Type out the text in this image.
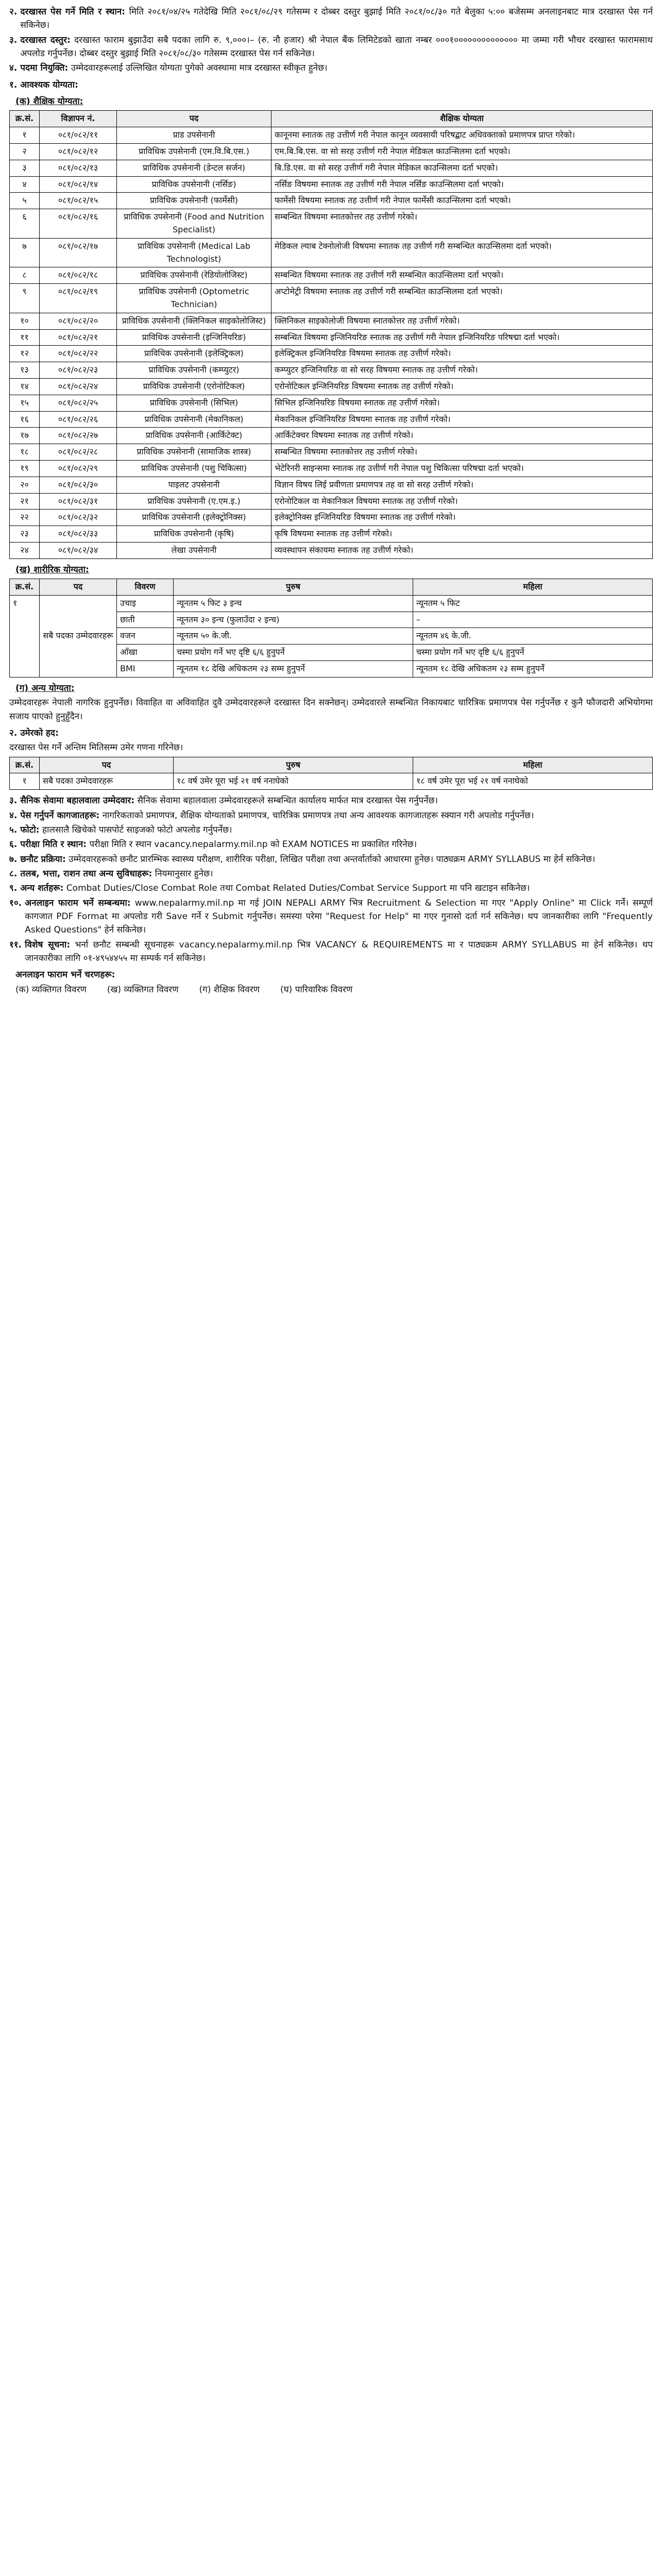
२. दरखास्त पेस गर्ने मिति र स्थान: मिति २०८१/०४/२५ गतेदेखि मिति २०८१/०८/२९ गतेसम्म र दोब्बर दस्तुर बुझाई मिति २०८१/०८/३० गते बेलुका ५:०० बजेसम्म अनलाइनबाट मात्र दरखास्त पेस गर्न सकिनेछ।
३. दरखास्त दस्तुर: दरखास्त फाराम बुझाउँदा सबै पदका लागि रु. ९,०००।– (रु. नौ हजार) श्री नेपाल बैंक लिमिटेडको खाता नम्बर ०००१०००००००००००००० मा जम्मा गरी भौचर दरखास्त फारामसाथ अपलोड गर्नुपर्नेछ। दोब्बर दस्तुर बुझाई मिति २०८१/०८/३० गतेसम्म दरखास्त पेस गर्न सकिनेछ।
४. पदमा नियुक्ति: उम्मेदवारहरूलाई उल्लिखित योग्यता पुगेको अवस्थामा मात्र दरखास्त स्वीकृत हुनेछ।
१. आवश्यक योग्यता:
(क) शैक्षिक योग्यता:
क्र.सं.	विज्ञापन नं.	पद	शैक्षिक योग्यता
१	०८१/०८२/११	प्राड उपसेनानी	कानूनमा स्नातक तह उत्तीर्ण गरी नेपाल कानून व्यवसायी परिषद्बाट अधिवक्ताको प्रमाणपत्र प्राप्त गरेको।
२	०८१/०८२/१२	प्राविधिक उपसेनानी (एम.वि.बि.एस.)	एम.बि.बि.एस. वा सो सरह उत्तीर्ण गरी नेपाल मेडिकल काउन्सिलमा दर्ता भएको।
३	०८१/०८२/१३	प्राविधिक उपसेनानी (डेन्टल सर्जन)	बि.डि.एस. वा सो सरह उत्तीर्ण गरी नेपाल मेडिकल काउन्सिलमा दर्ता भएको।
४	०८१/०८२/१४	प्राविधिक उपसेनानी (नर्सिङ)	नर्सिङ विषयमा स्नातक तह उत्तीर्ण गरी नेपाल नर्सिङ काउन्सिलमा दर्ता भएको।
५	०८१/०८२/१५	प्राविधिक उपसेनानी (फार्मेसी)	फार्मेसी विषयमा स्नातक तह उत्तीर्ण गरी नेपाल फार्मेसी काउन्सिलमा दर्ता भएको।
६	०८१/०८२/१६	प्राविधिक उपसेनानी (Food and Nutrition Specialist)	सम्बन्धित विषयमा स्नातकोत्तर तह उत्तीर्ण गरेको।
७	०८१/०८२/१७	प्राविधिक उपसेनानी (Medical Lab Technologist)	मेडिकल ल्याब टेक्नोलोजी विषयमा स्नातक तह उत्तीर्ण गरी सम्बन्धित काउन्सिलमा दर्ता भएको।
८	०८१/०८२/१८	प्राविधिक उपसेनानी (रेडियोलोजिस्ट)	सम्बन्धित विषयमा स्नातक तह उत्तीर्ण गरी सम्बन्धित काउन्सिलमा दर्ता भएको।
९	०८१/०८२/१९	प्राविधिक उपसेनानी (Optometric Technician)	अप्टोमेट्री विषयमा स्नातक तह उत्तीर्ण गरी सम्बन्धित काउन्सिलमा दर्ता भएको।
१०	०८१/०८२/२०	प्राविधिक उपसेनानी (क्लिनिकल साइकोलोजिस्ट)	क्लिनिकल साइकोलोजी विषयमा स्नातकोत्तर तह उत्तीर्ण गरेको।
११	०८१/०८२/२१	प्राविधिक उपसेनानी (इन्जिनियरिङ)	सम्बन्धित विषयमा इन्जिनियरिङ स्नातक तह उत्तीर्ण गरी नेपाल इन्जिनियरिङ परिषद्मा दर्ता भएको।
१२	०८१/०८२/२२	प्राविधिक उपसेनानी (इलेक्ट्रिकल)	इलेक्ट्रिकल इन्जिनियरिङ विषयमा स्नातक तह उत्तीर्ण गरेको।
१३	०८१/०८२/२३	प्राविधिक उपसेनानी (कम्प्युटर)	कम्प्युटर इन्जिनियरिङ वा सो सरह विषयमा स्नातक तह उत्तीर्ण गरेको।
१४	०८१/०८२/२४	प्राविधिक उपसेनानी (एरोनोटिकल)	एरोनोटिकल इन्जिनियरिङ विषयमा स्नातक तह उत्तीर्ण गरेको।
१५	०८१/०८२/२५	प्राविधिक उपसेनानी (सिभिल)	सिभिल इन्जिनियरिङ विषयमा स्नातक तह उत्तीर्ण गरेको।
१६	०८१/०८२/२६	प्राविधिक उपसेनानी (मेकानिकल)	मेकानिकल इन्जिनियरिङ विषयमा स्नातक तह उत्तीर्ण गरेको।
१७	०८१/०८२/२७	प्राविधिक उपसेनानी (आर्किटेक्ट)	आर्किटेक्चर विषयमा स्नातक तह उत्तीर्ण गरेको।
१८	०८१/०८२/२८	प्राविधिक उपसेनानी (सामाजिक शास्त्र)	सम्बन्धित विषयमा स्नातकोत्तर तह उत्तीर्ण गरेको।
१९	०८१/०८२/२९	प्राविधिक उपसेनानी (पशु चिकित्सा)	भेटेरिनरी साइन्समा स्नातक तह उत्तीर्ण गरी नेपाल पशु चिकित्सा परिषद्मा दर्ता भएको।
२०	०८१/०८२/३०	पाइलट उपसेनानी	विज्ञान विषय लिई प्रवीणता प्रमाणपत्र तह वा सो सरह उत्तीर्ण गरेको।
२१	०८१/०८२/३१	प्राविधिक उपसेनानी (ए.एम.इ.)	एरोनोटिकल वा मेकानिकल विषयमा स्नातक तह उत्तीर्ण गरेको।
२२	०८१/०८२/३२	प्राविधिक उपसेनानी (इलेक्ट्रोनिक्स)	इलेक्ट्रोनिक्स इन्जिनियरिङ विषयमा स्नातक तह उत्तीर्ण गरेको।
२३	०८१/०८२/३३	प्राविधिक उपसेनानी (कृषि)	कृषि विषयमा स्नातक तह उत्तीर्ण गरेको।
२४	०८१/०८२/३४	लेखा उपसेनानी	व्यवस्थापन संकायमा स्नातक तह उत्तीर्ण गरेको।
(ख) शारीरिक योग्यता:
क्र.सं.	पद	विवरण	पुरुष	महिला
१	सबै पदका उम्मेदवारहरू	उचाइ	न्यूनतम ५ फिट ३ इन्च	न्यूनतम ५ फिट
		छाती	न्यूनतम ३० इन्च (फुलाउँदा २ इन्च)	–
		वजन	न्यूनतम ५० के.जी.	न्यूनतम ४६ के.जी.
		आँखा	चस्मा प्रयोग गर्ने भए दृष्टि ६/६ हुनुपर्ने	चस्मा प्रयोग गर्ने भए दृष्टि ६/६ हुनुपर्ने
		BMI	न्यूनतम १८ देखि अधिकतम २३ सम्म हुनुपर्ने	न्यूनतम १८ देखि अधिकतम २३ सम्म हुनुपर्ने
(ग) अन्य योग्यता:

उम्मेदवारहरू नेपाली नागरिक हुनुपर्नेछ। विवाहित वा अविवाहित दुवै उम्मेदवारहरूले दरखास्त दिन सक्नेछन्। उम्मेदवारले सम्बन्धित निकायबाट चारित्रिक प्रमाणपत्र पेस गर्नुपर्नेछ र कुनै फौजदारी अभियोगमा सजाय पाएको हुनुहुँदैन।

२. उमेरको हद:

दरखास्त पेस गर्ने अन्तिम मितिसम्म उमेर गणना गरिनेछ।

क्र.सं.	पद	पुरुष	महिला
१	सबै पदका उम्मेदवारहरू	१८ वर्ष उमेर पूरा भई २१ वर्ष ननाघेको	१८ वर्ष उमेर पूरा भई २१ वर्ष ननाघेको
३. सैनिक सेवामा बहालवाला उम्मेदवार: सैनिक सेवामा बहालवाला उम्मेदवारहरूले सम्बन्धित कार्यालय मार्फत मात्र दरखास्त पेस गर्नुपर्नेछ।
४. पेस गर्नुपर्ने कागजातहरू: नागरिकताको प्रमाणपत्र, शैक्षिक योग्यताको प्रमाणपत्र, चारित्रिक प्रमाणपत्र तथा अन्य आवश्यक कागजातहरू स्क्यान गरी अपलोड गर्नुपर्नेछ।
५. फोटो: हालसालै खिचेको पासपोर्ट साइजको फोटो अपलोड गर्नुपर्नेछ।
६. परीक्षा मिति र स्थान: परीक्षा मिति र स्थान vacancy.nepalarmy.mil.np को EXAM NOTICES मा प्रकाशित गरिनेछ।
७. छनौट प्रक्रिया: उम्मेदवारहरूको छनौट प्रारम्भिक स्वास्थ्य परीक्षण, शारीरिक परीक्षा, लिखित परीक्षा तथा अन्तर्वार्ताको आधारमा हुनेछ। पाठ्यक्रम ARMY SYLLABUS मा हेर्न सकिनेछ।
८. तलब, भत्ता, राशन तथा अन्य सुविधाहरू: नियमानुसार हुनेछ।
९. अन्य शर्तहरू: Combat Duties/Close Combat Role तथा Combat Related Duties/Combat Service Support मा पनि खटाइन सकिनेछ।
१०. अनलाइन फाराम भर्ने सम्बन्धमा: www.nepalarmy.mil.np मा गई JOIN NEPALI ARMY भित्र Recruitment & Selection मा गएर "Apply Online" मा Click गर्ने। सम्पूर्ण कागजात PDF Format मा अपलोड गरी Save गर्ने र Submit गर्नुपर्नेछ। समस्या परेमा "Request for Help" मा गएर गुनासो दर्ता गर्न सकिनेछ। थप जानकारीका लागि "Frequently Asked Questions" हेर्न सकिनेछ।
११. विशेष सूचना: भर्ना छनौट सम्बन्धी सूचनाहरू vacancy.nepalarmy.mil.np भित्र VACANCY & REQUIREMENTS मा र पाठ्यक्रम ARMY SYLLABUS मा हेर्न सकिनेछ। थप जानकारीका लागि ०१-४९५४४५५ मा सम्पर्क गर्न सकिनेछ।
अनलाइन फाराम भर्ने चरणहरू:
(क) व्यक्तिगत विवरण (ख) व्यक्तिगत विवरण (ग) शैक्षिक विवरण (घ) पारिवारिक विवरण
